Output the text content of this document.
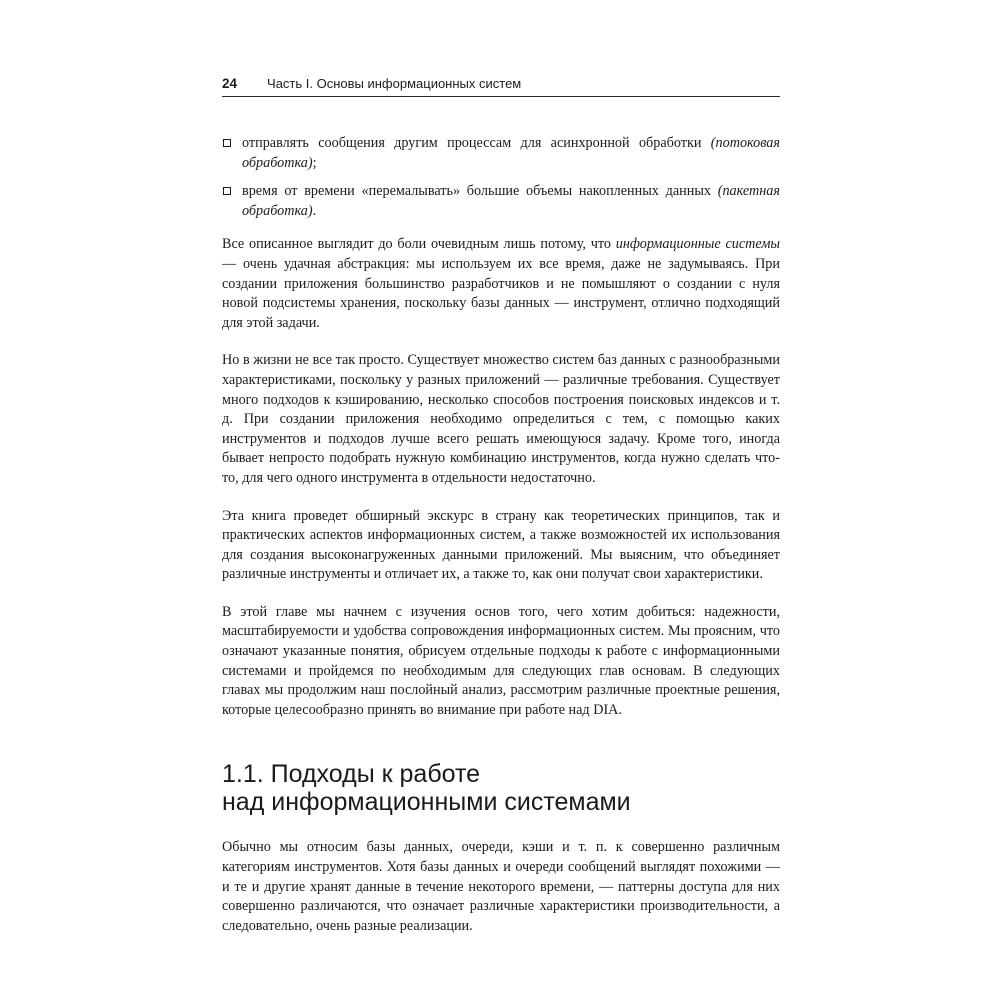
24 Часть I. Основы информационных систем
отправлять сообщения другим процессам для асинхронной обработки (потоковая обработка);
время от времени «перемалывать» большие объемы накопленных данных (пакетная обработка).

Все описанное выглядит до боли очевидным лишь потому, что информационные системы — очень удачная абстракция: мы используем их все время, даже не задумываясь. При создании приложения большинство разработчиков и не помышляют о создании с нуля новой подсистемы хранения, поскольку базы данных — инструмент, отлично подходящий для этой задачи.

Но в жизни не все так просто. Существует множество систем баз данных с разнообразными характеристиками, поскольку у разных приложений — различные требования. Существует много подходов к кэшированию, несколько способов построения поисковых индексов и т. д. При создании приложения необходимо определиться с тем, с помощью каких инструментов и подходов лучше всего решать имеющуюся задачу. Кроме того, иногда бывает непросто подобрать нужную комбинацию инструментов, когда нужно сделать что-то, для чего одного инструмента в отдельности недостаточно.

Эта книга проведет обширный экскурс в страну как теоретических принципов, так и практических аспектов информационных систем, а также возможностей их использования для создания высоконагруженных данными приложений. Мы выясним, что объединяет различные инструменты и отличает их, а также то, как они получат свои характеристики.

В этой главе мы начнем с изучения основ того, чего хотим добиться: надежности, масштабируемости и удобства сопровождения информационных систем. Мы проясним, что означают указанные понятия, обрисуем отдельные подходы к работе с информационными системами и пройдемся по необходимым для следующих глав основам. В следующих главах мы продолжим наш послойный анализ, рассмотрим различные проектные решения, которые целесообразно принять во внимание при работе над DIA.

1.1. Подходы к работе
над информационными системами

Обычно мы относим базы данных, очереди, кэши и т. п. к совершенно различным категориям инструментов. Хотя базы данных и очереди сообщений выглядят похожими — и те и другие хранят данные в течение некоторого времени, — паттерны доступа для них совершенно различаются, что означает различные характеристики производительности, а следовательно, очень разные реализации.
